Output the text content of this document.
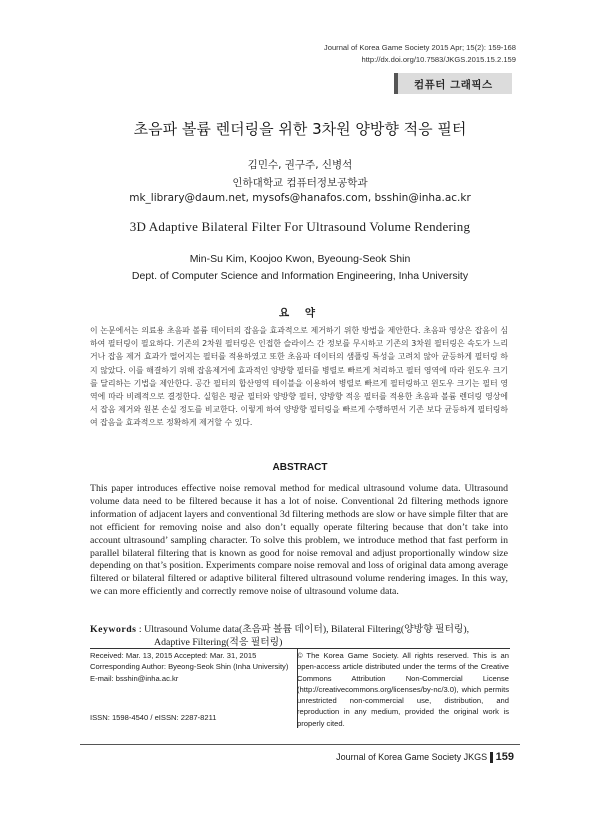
Journal of Korea Game Society 2015 Apr; 15(2): 159-168
http://dx.doi.org/10.7583/JKGS.2015.15.2.159
컴퓨터 그래픽스
초음파 볼륨 렌더링을 위한 3차원 양방향 적응 필터
김민수, 권구주, 신병석
인하대학교 컴퓨터정보공학과
mk_library@daum.net, mysofs@hanafos.com, bsshin@inha.ac.kr
3D Adaptive Bilateral Filter For Ultrasound Volume Rendering
Min-Su Kim, Koojoo Kwon, Byeoung-Seok Shin
Dept. of Computer Science and Information Engineering, Inha University
요 약
이 논문에서는 의료용 초음파 볼륨 데이터의 잡음을 효과적으로 제거하기 위한 방법을 제안한다. 초음파 영상은 잡음이 심하여 필터링이 필요하다. 기존의 2차원 필터링은 인접한 슬라이스 간 정보를 무시하고 기존의 3차원 필터링은 속도가 느리거나 잡음 제거 효과가 떨어지는 필터를 적용하였고 또한 초음파 데이터의 샘플링 특성을 고려치 않아 균등하게 필터링 하지 않았다. 이를 해결하기 위해 잡음제거에 효과적인 양방향 필터를 병렬로 빠르게 처리하고 필터 영역에 따라 윈도우 크기를 달리하는 기법을 제안한다. 공간 필터의 합산영역 테이블을 이용하여 병렬로 빠르게 필터링하고 윈도우 크기는 필터 영역에 따라 비례적으로 결정한다. 실험은 평균 필터와 양방향 필터, 양방향 적응 필터를 적용한 초음파 볼륨 렌더링 영상에서 잡음 제거와 원본 손실 정도를 비교한다. 이렇게 하여 양방향 필터링을 빠르게 수행하면서 기존 보다 균등하게 필터링하여 잡음을 효과적으로 정확하게 제거할 수 있다.
ABSTRACT
This paper introduces effective noise removal method for medical ultrasound volume data. Ultrasound volume data need to be filtered because it has a lot of noise. Conventional 2d filtering methods ignore information of adjacent layers and conventional 3d filtering methods are slow or have simple filter that are not efficient for removing noise and also don’t equally operate filtering because that don’t take into account ultrasound’ sampling character. To solve this problem, we introduce method that fast perform in parallel bilateral filtering that is known as good for noise removal and adjust proportionally window size depending on that’s position. Experiments compare noise removal and loss of original data among average filtered or bilateral filtered or adaptive biliteral filtered ultrasound volume rendering images. In this way, we can more efficiently and correctly remove noise of ultrasound volume data.
Keywords : Ultrasound Volume data(초음파 볼륨 데이터), Bilateral Filtering(양방향 필터링),
Adaptive Filtering(적응 필터링)
Received: Mar. 13, 2015 Accepted: Mar. 31, 2015
Corresponding Author: Byeong-Seok Shin (Inha University)
E-mail: bsshin@inha.ac.kr
ISSN: 1598-4540 / eISSN: 2287-8211
© The Korea Game Society. All rights reserved. This is an open-access article distributed under the terms of the Creative Commons Attribution Non-Commercial License (http://creativecommons.org/licenses/by-nc/3.0), which permits unrestricted non-commercial use, distribution, and reproduction in any medium, provided the original work is properly cited.
Journal of Korea Game Society JKGS 159
